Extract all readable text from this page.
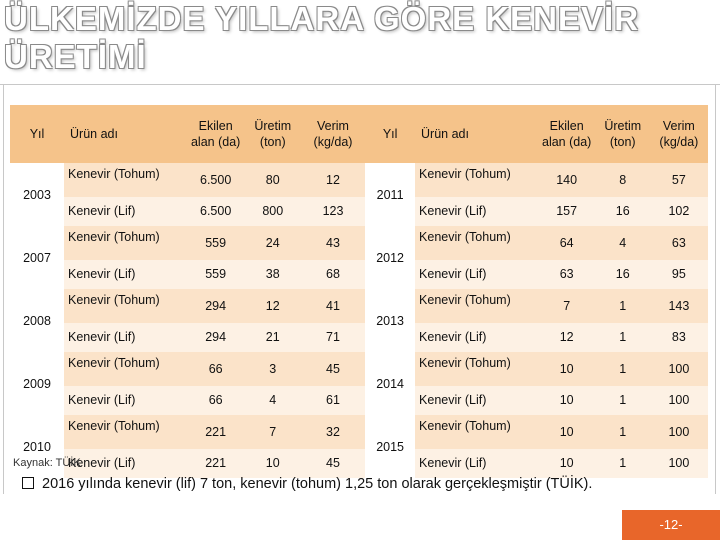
ÜLKEMİZDE YILLARA GÖRE KENEVİR ÜRETİMİ
Yıl	Ürün adı	Ekilen alan (da)	Üretim (ton)	Verim (kg/da)	Yıl	Ürün adı	Ekilen alan (da)	Üretim (ton)	Verim (kg/da)
2003	Kenevir (Tohum)	6.500	80	12	2011	Kenevir (Tohum)	140	8	57
	Kenevir (Lif)	6.500	800	123		Kenevir (Lif)	157	16	102
2007	Kenevir (Tohum)	559	24	43	2012	Kenevir (Tohum)	64	4	63
	Kenevir (Lif)	559	38	68		Kenevir (Lif)	63	16	95
2008	Kenevir (Tohum)	294	12	41	2013	Kenevir (Tohum)	7	1	143
	Kenevir (Lif)	294	21	71		Kenevir (Lif)	12	1	83
2009	Kenevir (Tohum)	66	3	45	2014	Kenevir (Tohum)	10	1	100
	Kenevir (Lif)	66	4	61		Kenevir (Lif)	10	1	100
2010	Kenevir (Tohum)	221	7	32	2015	Kenevir (Tohum)	10	1	100
	Kenevir (Lif)	221	10	45		Kenevir (Lif)	10	1	100
Kaynak: TÜİK
2016 yılında kenevir (lif) 7 ton, kenevir (tohum) 1,25 ton olarak gerçekleşmiştir (TÜİK).
-12-
